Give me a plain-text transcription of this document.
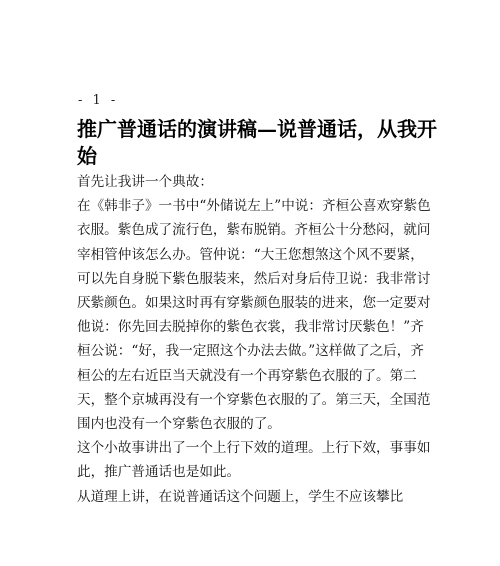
- 1 -
推广普通话的演讲稿—说普通话，从我开始

首先让我讲一个典故：

在《韩非子》一书中“外储说左上”中说：齐桓公喜欢穿紫色衣服。紫色成了流行色，紫布脱销。齐桓公十分愁闷，就问宰相管仲该怎么办。管仲说：“大王您想煞这个风不要紧，可以先自身脱下紫色服装来，然后对身后侍卫说：我非常讨厌紫颜色。如果这时再有穿紫颜色服装的进来，您一定要对他说：你先回去脱掉你的紫色衣裳，我非常讨厌紫色！”齐桓公说：“好，我一定照这个办法去做。”这样做了之后，齐桓公的左右近臣当天就没有一个再穿紫色衣服的了。第二天，整个京城再没有一个穿紫色衣服的了。第三天，全国范围内也没有一个穿紫色衣服的了。

这个小故事讲出了一个上行下效的道理。上行下效，事事如此，推广普通话也是如此。

从道理上讲，在说普通话这个问题上，学生不应该攀比
